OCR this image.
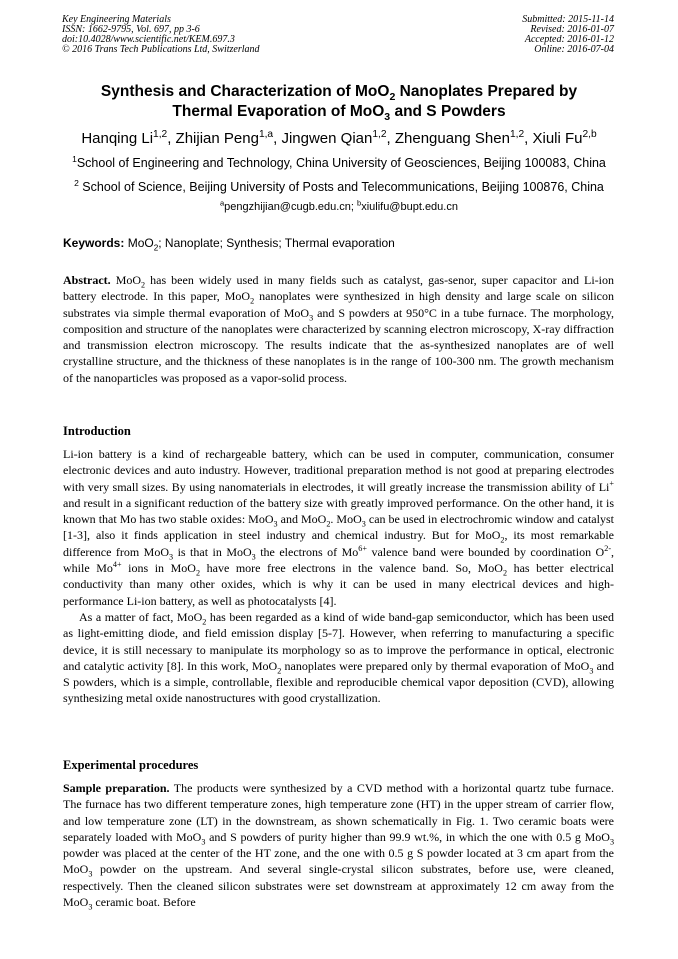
Key Engineering Materials
ISSN: 1662-9795, Vol. 697, pp 3-6
doi:10.4028/www.scientific.net/KEM.697.3
© 2016 Trans Tech Publications Ltd, Switzerland
Submitted: 2015-11-14
Revised: 2016-01-07
Accepted: 2016-01-12
Online: 2016-07-04
Synthesis and Characterization of MoO$_2$ Nanoplates Prepared by
Thermal Evaporation of MoO$_3$ and S Powders
Hanqing Li$^{1,2}$, Zhijian Peng$^{1,a}$, Jingwen Qian$^{1,2}$, Zhenguang Shen$^{1,2}$, Xiuli Fu$^{2,b}$
$^1$School of Engineering and Technology, China University of Geosciences, Beijing 100083, China
$^2$ School of Science, Beijing University of Posts and Telecommunications, Beijing 100876, China
$^a$pengzhijian@cugb.edu.cn; $^b$xiulifu@bupt.edu.cn
Keywords: MoO$_2$; Nanoplate; Synthesis; Thermal evaporation

Abstract. MoO$_2$ has been widely used in many fields such as catalyst, gas-senor, super capacitor and Li-ion battery electrode. In this paper, MoO$_2$ nanoplates were synthesized in high density and large scale on silicon substrates via simple thermal evaporation of MoO$_3$ and S powders at 950°C in a tube furnace. The morphology, composition and structure of the nanoplates were characterized by scanning electron microscopy, X-ray diffraction and transmission electron microscopy. The results indicate that the as-synthesized nanoplates are of well crystalline structure, and the thickness of these nanoplates is in the range of 100-300 nm. The growth mechanism of the nanoparticles was proposed as a vapor-solid process.

Introduction

Li-ion battery is a kind of rechargeable battery, which can be used in computer, communication, consumer electronic devices and auto industry. However, traditional preparation method is not good at preparing electrodes with very small sizes. By using nanomaterials in electrodes, it will greatly increase the transmission ability of Li+ and result in a significant reduction of the battery size with greatly improved performance. On the other hand, it is known that Mo has two stable oxides: MoO$_3$ and MoO$_2$. MoO$_3$ can be used in electrochromic window and catalyst [1-3], also it finds application in steel industry and chemical industry. But for MoO$_2$, its most remarkable difference from MoO$_3$ is that in MoO$_3$ the electrons of $Mo^{6+}$ valence band were bounded by coordination $O^{2-}$, while $Mo^{4+}$ ions in MoO$_2$ have more free electrons in the valence band. So, MoO$_2$ has better electrical conductivity than many other oxides, which is why it can be used in many electrical devices and high-performance Li-ion battery, as well as photocatalysts [4].

As a matter of fact, MoO$_2$ has been regarded as a kind of wide band-gap semiconductor, which has been used as light-emitting diode, and field emission display [5-7]. However, when referring to manufacturing a specific device, it is still necessary to manipulate its morphology so as to improve the performance in optical, electronic and catalytic activity [8]. In this work, MoO$_2$ nanoplates were prepared only by thermal evaporation of MoO$_3$ and S powders, which is a simple, controllable, flexible and reproducible chemical vapor deposition (CVD), allowing synthesizing metal oxide nanostructures with good crystallization.

Experimental procedures

Sample preparation. The products were synthesized by a CVD method with a horizontal quartz tube furnace. The furnace has two different temperature zones, high temperature zone (HT) in the upper stream of carrier flow, and low temperature zone (LT) in the downstream, as shown schematically in Fig. 1. Two ceramic boats were separately loaded with MoO$_3$ and S powders of purity higher than 99.9 wt.%, in which the one with 0.5 g MoO$_3$ powder was placed at the center of the HT zone, and the one with 0.5 g S powder located at 3 cm apart from the MoO$_3$ powder on the upstream. And several single-crystal silicon substrates, before use, were cleaned, respectively. Then the cleaned silicon substrates were set downstream at approximately 12 cm away from the MoO$_3$ ceramic boat. Before
